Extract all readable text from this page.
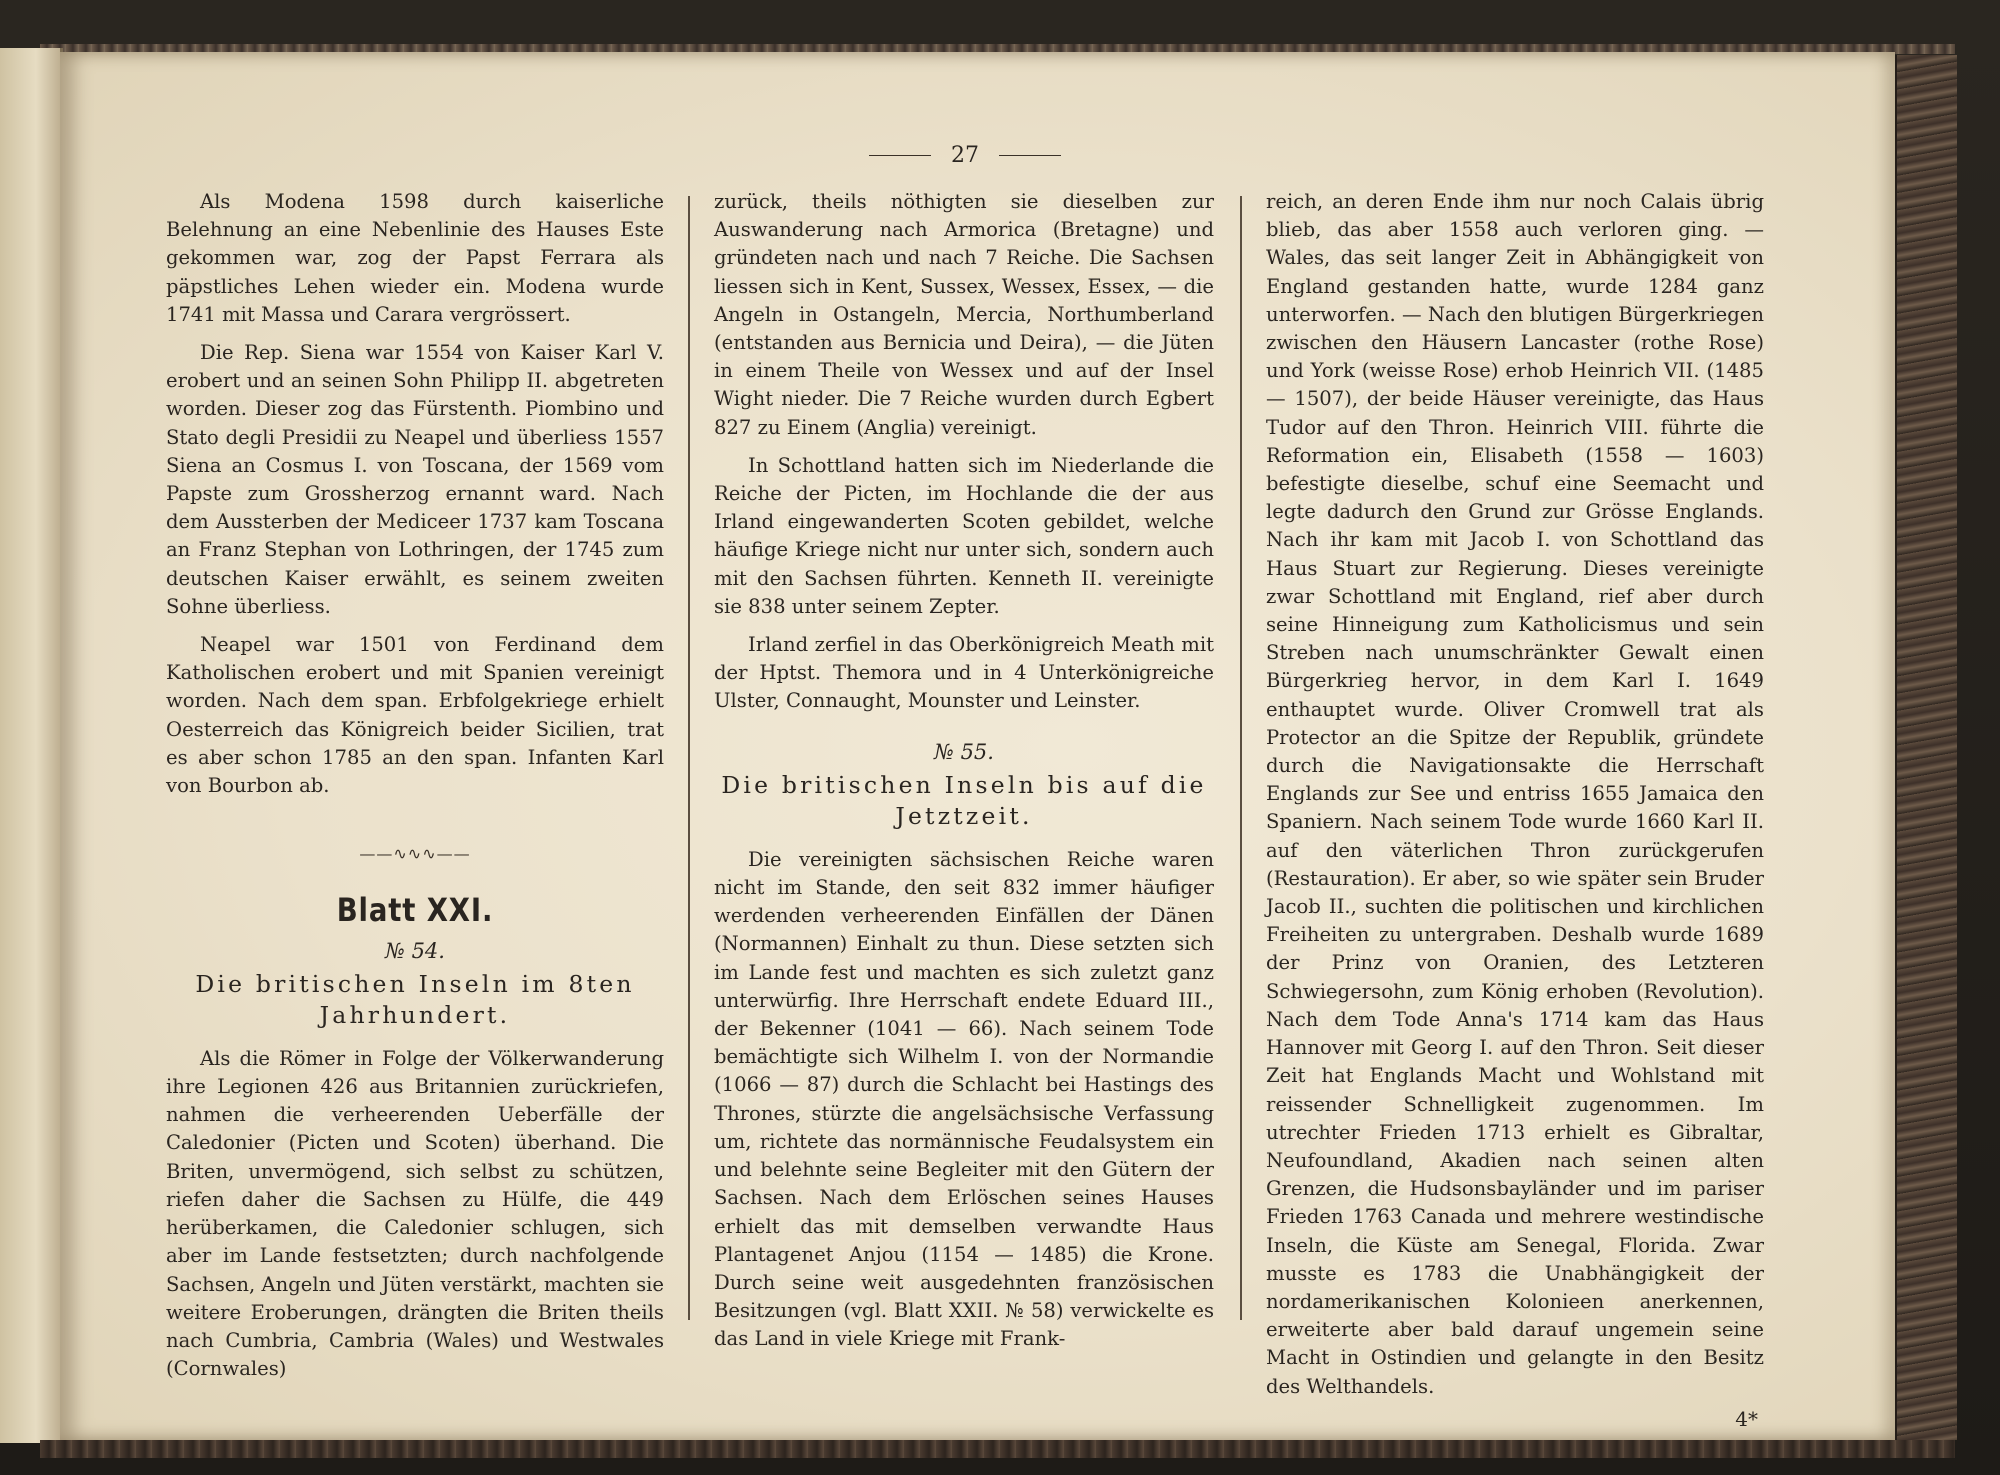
27

Als Modena 1598 durch kaiserliche Belehnung an eine Nebenlinie des Hauses Este gekommen war, zog der Papst Ferrara als päpstliches Lehen wieder ein. Modena wurde 1741 mit Massa und Carara vergrössert.

Die Rep. Siena war 1554 von Kaiser Karl V. erobert und an seinen Sohn Philipp II. abgetreten worden. Dieser zog das Fürstenth. Piombino und Stato degli Presidii zu Neapel und überliess 1557 Siena an Cosmus I. von Toscana, der 1569 vom Papste zum Grossherzog ernannt ward. Nach dem Aussterben der Mediceer 1737 kam Toscana an Franz Stephan von Lothringen, der 1745 zum deutschen Kaiser erwählt, es seinem zweiten Sohne überliess.

Neapel war 1501 von Ferdinand dem Katholischen erobert und mit Spanien vereinigt worden. Nach dem span. Erbfolgekriege erhielt Oesterreich das Königreich beider Sicilien, trat es aber schon 1785 an den span. Infanten Karl von Bourbon ab.

——∿∿∿——
Blatt XXI.
№ 54.
Die britischen Inseln im 8ten Jahrhundert.

Als die Römer in Folge der Völkerwanderung ihre Legionen 426 aus Britannien zurückriefen, nahmen die verheerenden Ueberfälle der Caledonier (Picten und Scoten) überhand. Die Briten, unvermögend, sich selbst zu schützen, riefen daher die Sachsen zu Hülfe, die 449 herüberkamen, die Caledonier schlugen, sich aber im Lande festsetzten; durch nachfolgende Sachsen, Angeln und Jüten verstärkt, machten sie weitere Eroberungen, drängten die Briten theils nach Cumbria, Cambria (Wales) und Westwales (Cornwales)

zurück, theils nöthigten sie dieselben zur Auswanderung nach Armorica (Bretagne) und gründeten nach und nach 7 Reiche. Die Sachsen liessen sich in Kent, Sussex, Wessex, Essex, — die Angeln in Ostangeln, Mercia, Northumberland (entstanden aus Bernicia und Deira), — die Jüten in einem Theile von Wessex und auf der Insel Wight nieder. Die 7 Reiche wurden durch Egbert 827 zu Einem (Anglia) vereinigt.

In Schottland hatten sich im Niederlande die Reiche der Picten, im Hochlande die der aus Irland eingewanderten Scoten gebildet, welche häufige Kriege nicht nur unter sich, sondern auch mit den Sachsen führten. Kenneth II. vereinigte sie 838 unter seinem Zepter.

Irland zerfiel in das Oberkönigreich Meath mit der Hptst. Themora und in 4 Unterkönigreiche Ulster, Connaught, Mounster und Leinster.

№ 55.
Die britischen Inseln bis auf die Jetztzeit.

Die vereinigten sächsischen Reiche waren nicht im Stande, den seit 832 immer häufiger werdenden verheerenden Einfällen der Dänen (Normannen) Einhalt zu thun. Diese setzten sich im Lande fest und machten es sich zuletzt ganz unterwürfig. Ihre Herrschaft endete Eduard III., der Bekenner (1041 — 66). Nach seinem Tode bemächtigte sich Wilhelm I. von der Normandie (1066 — 87) durch die Schlacht bei Hastings des Thrones, stürzte die angelsächsische Verfassung um, richtete das normännische Feudalsystem ein und belehnte seine Begleiter mit den Gütern der Sachsen. Nach dem Erlöschen seines Hauses erhielt das mit demselben verwandte Haus Plantagenet Anjou (1154 — 1485) die Krone. Durch seine weit ausgedehnten französischen Besitzungen (vgl. Blatt XXII. № 58) verwickelte es das Land in viele Kriege mit Frank-

reich, an deren Ende ihm nur noch Calais übrig blieb, das aber 1558 auch verloren ging. — Wales, das seit langer Zeit in Abhängigkeit von England gestanden hatte, wurde 1284 ganz unterworfen. — Nach den blutigen Bürgerkriegen zwischen den Häusern Lancaster (rothe Rose) und York (weisse Rose) erhob Heinrich VII. (1485 — 1507), der beide Häuser vereinigte, das Haus Tudor auf den Thron. Heinrich VIII. führte die Reformation ein, Elisabeth (1558 — 1603) befestigte dieselbe, schuf eine Seemacht und legte dadurch den Grund zur Grösse Englands. Nach ihr kam mit Jacob I. von Schottland das Haus Stuart zur Regierung. Dieses vereinigte zwar Schottland mit England, rief aber durch seine Hinneigung zum Katholicismus und sein Streben nach unumschränkter Gewalt einen Bürgerkrieg hervor, in dem Karl I. 1649 enthauptet wurde. Oliver Cromwell trat als Protector an die Spitze der Republik, gründete durch die Navigationsakte die Herrschaft Englands zur See und entriss 1655 Jamaica den Spaniern. Nach seinem Tode wurde 1660 Karl II. auf den väterlichen Thron zurückgerufen (Restauration). Er aber, so wie später sein Bruder Jacob II., suchten die politischen und kirchlichen Freiheiten zu untergraben. Deshalb wurde 1689 der Prinz von Oranien, des Letzteren Schwiegersohn, zum König erhoben (Revolution). Nach dem Tode Anna's 1714 kam das Haus Hannover mit Georg I. auf den Thron. Seit dieser Zeit hat Englands Macht und Wohlstand mit reissender Schnelligkeit zugenommen. Im utrechter Frieden 1713 erhielt es Gibraltar, Neufoundland, Akadien nach seinen alten Grenzen, die Hudsonsbayländer und im pariser Frieden 1763 Canada und mehrere westindische Inseln, die Küste am Senegal, Florida. Zwar musste es 1783 die Unabhängigkeit der nordamerikanischen Kolonieen anerkennen, erweiterte aber bald darauf ungemein seine Macht in Ostindien und gelangte in den Besitz des Welthandels.

4*
